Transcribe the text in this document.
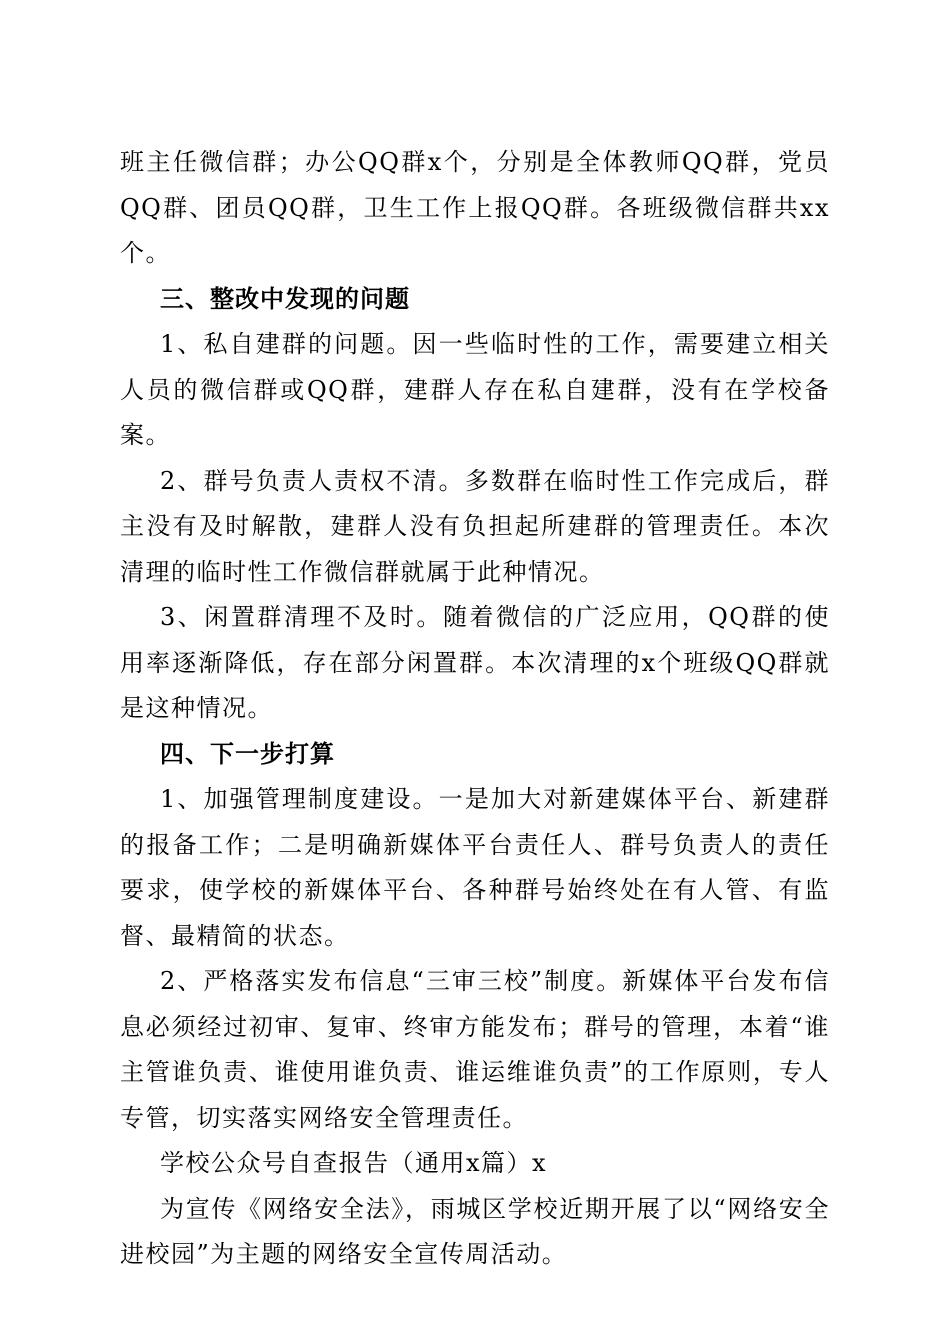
班主任微信群；办公QQ群x个，分别是全体教师QQ群，党员QQ群、团员QQ群，卫生工作上报QQ群。各班级微信群共xx个。

三、整改中发现的问题

1、私自建群的问题。因一些临时性的工作，需要建立相关人员的微信群或QQ群，建群人存在私自建群，没有在学校备案。

2、群号负责人责权不清。多数群在临时性工作完成后，群主没有及时解散，建群人没有负担起所建群的管理责任。本次清理的临时性工作微信群就属于此种情况。

3、闲置群清理不及时。随着微信的广泛应用，QQ群的使用率逐渐降低，存在部分闲置群。本次清理的x个班级QQ群就是这种情况。

四、下一步打算

1、加强管理制度建设。一是加大对新建媒体平台、新建群的报备工作；二是明确新媒体平台责任人、群号负责人的责任要求，使学校的新媒体平台、各种群号始终处在有人管、有监督、最精简的状态。

2、严格落实发布信息“三审三校”制度。新媒体平台发布信息必须经过初审、复审、终审方能发布；群号的管理，本着“谁主管谁负责、谁使用谁负责、谁运维谁负责”的工作原则，专人专管，切实落实网络安全管理责任。

学校公众号自查报告（通用x篇）x

为宣传《网络安全法》，雨城区学校近期开展了以“网络安全进校园”为主题的网络安全宣传周活动。
